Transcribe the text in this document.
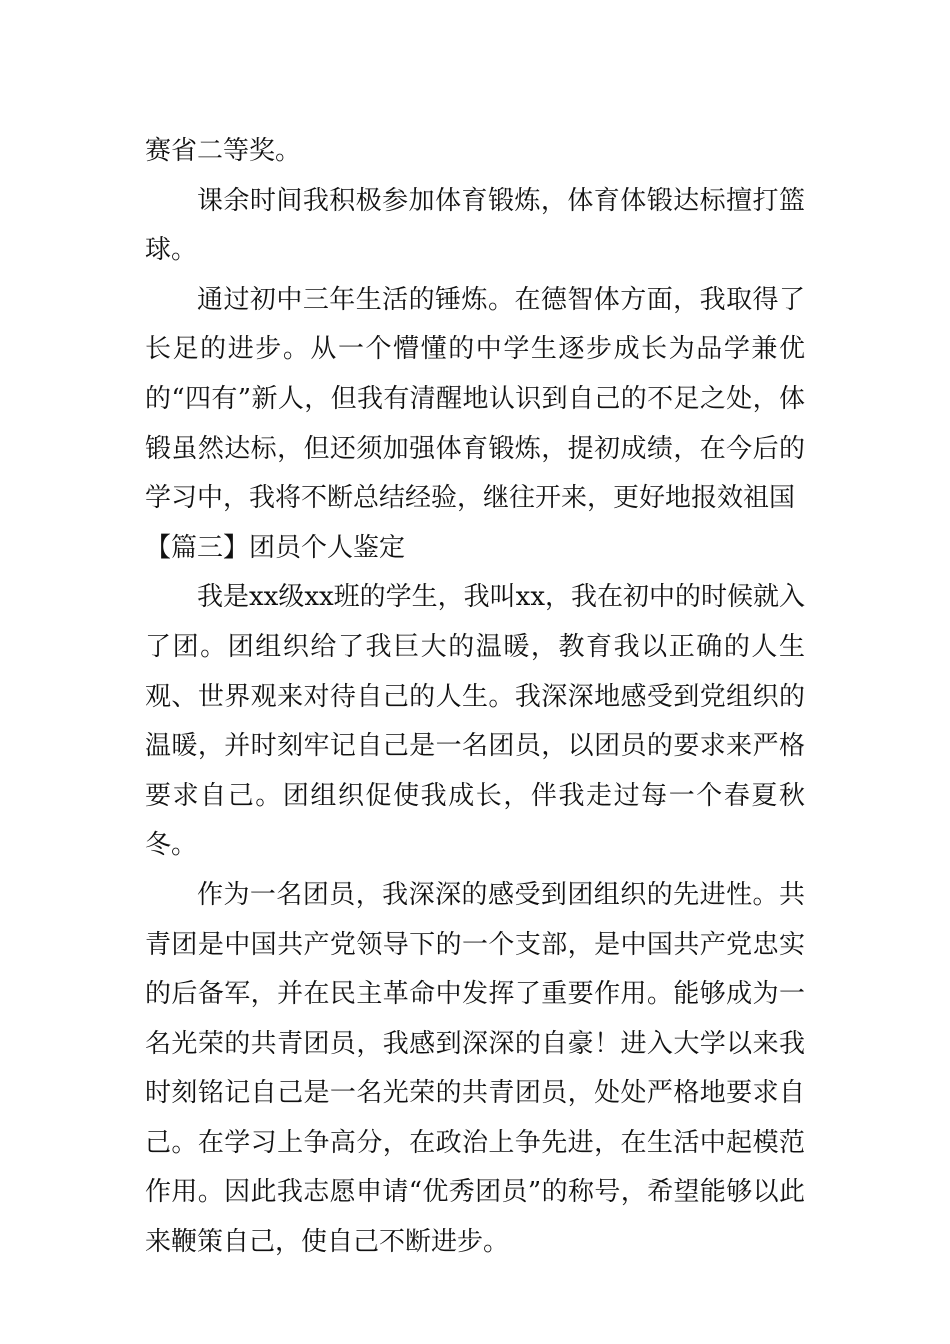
赛省二等奖。

课余时间我积极参加体育锻炼，体育体锻达标擅打篮球。

通过初中三年生活的锤炼。在德智体方面，我取得了长足的进步。从一个懵懂的中学生逐步成长为品学兼优的“四有”新人，但我有清醒地认识到自己的不足之处，体锻虽然达标，但还须加强体育锻炼，提初成绩，在今后的学习中，我将不断总结经验，继往开来，更好地报效祖国

【篇三】团员个人鉴定

我是xx级xx班的学生，我叫xx，我在初中的时候就入了团。团组织给了我巨大的温暖，教育我以正确的人生观、世界观来对待自己的人生。我深深地感受到党组织的温暖，并时刻牢记自己是一名团员，以团员的要求来严格要求自己。团组织促使我成长，伴我走过每一个春夏秋冬。

作为一名团员，我深深的感受到团组织的先进性。共青团是中国共产党领导下的一个支部，是中国共产党忠实的后备军，并在民主革命中发挥了重要作用。能够成为一名光荣的共青团员，我感到深深的自豪！进入大学以来我时刻铭记自己是一名光荣的共青团员，处处严格地要求自己。在学习上争高分，在政治上争先进，在生活中起模范作用。因此我志愿申请“优秀团员”的称号，希望能够以此来鞭策自己，使自己不断进步。
